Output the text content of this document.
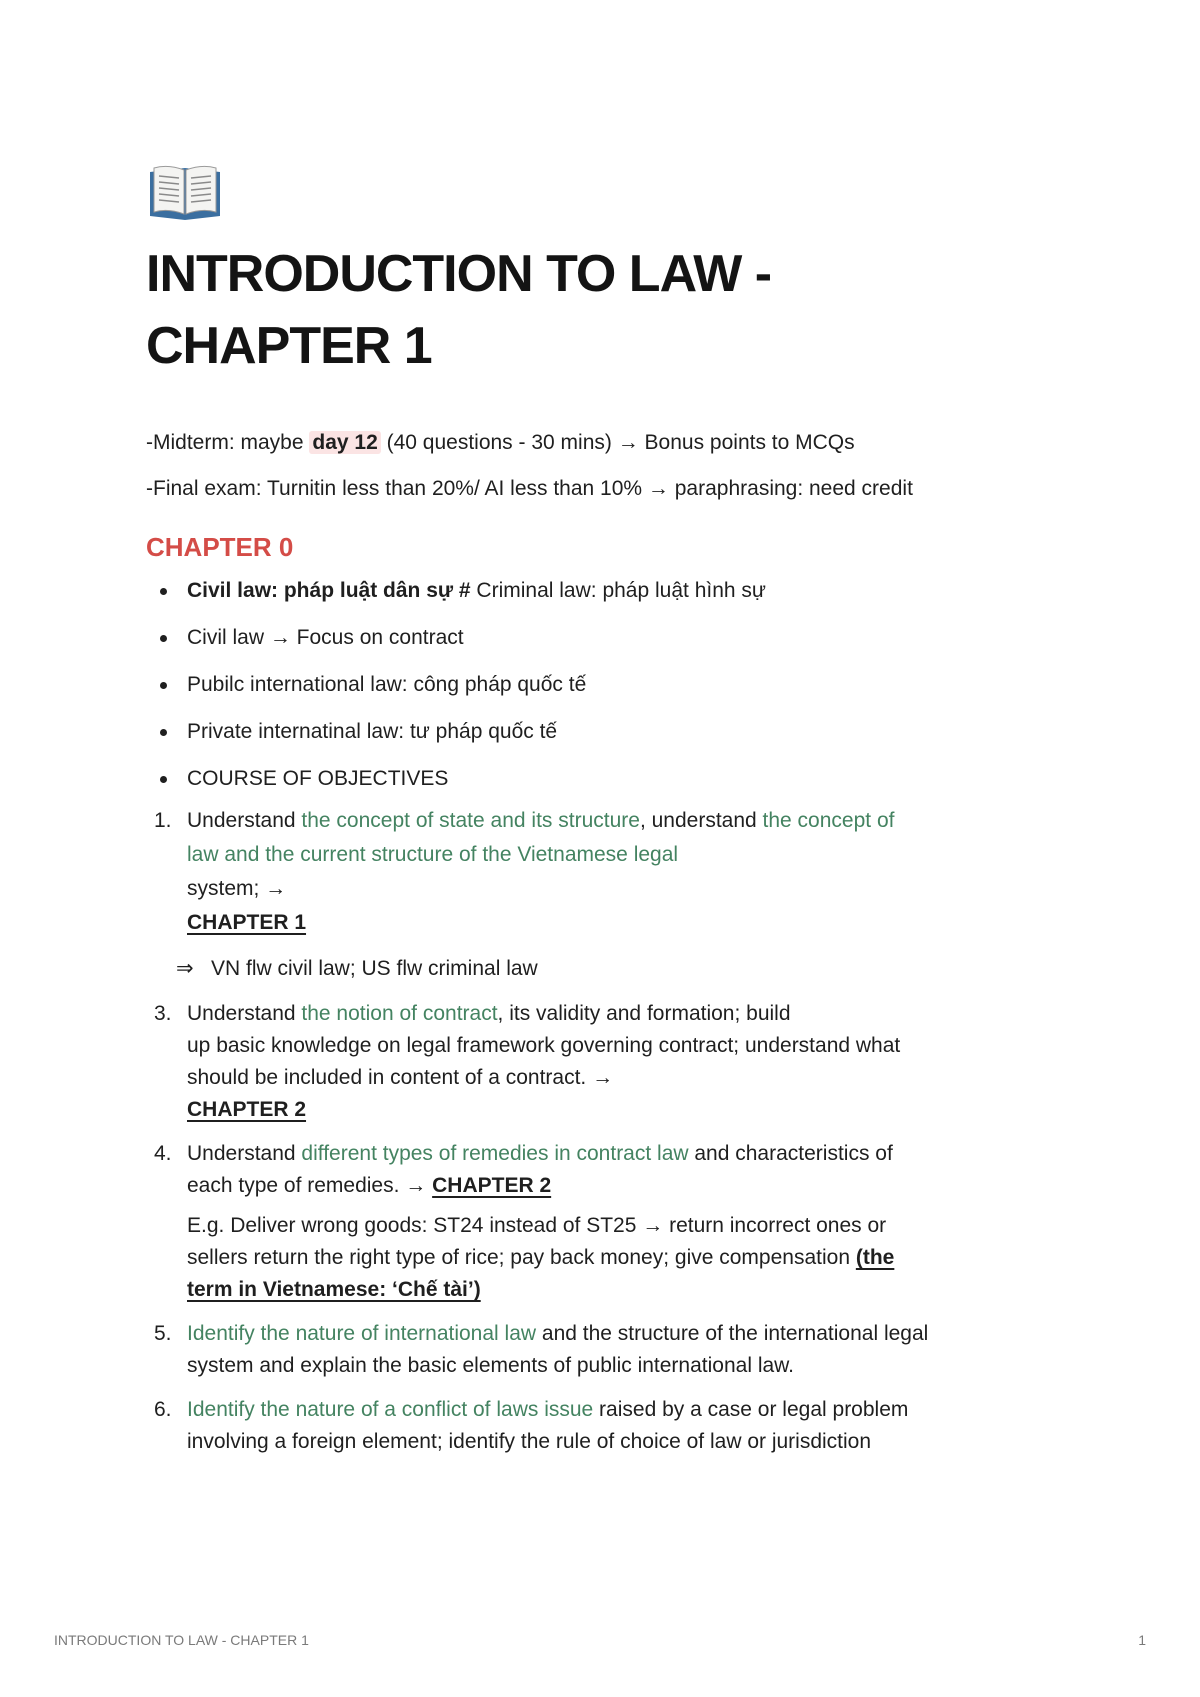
INTRODUCTION TO LAW -
CHAPTER 1

-Midterm: maybe day 12 (40 questions - 30 mins) → Bonus points to MCQs

-Final exam: Turnitin less than 20%/ AI less than 10% → paraphrasing: need credit

CHAPTER 0
Civil law: pháp luật dân sự # Criminal law: pháp luật hình sự
Civil law → Focus on contract
Pubilc international law: công pháp quốc tế
Private internatinal law: tư pháp quốc tế
COURSE OF OBJECTIVES
1. Understand the concept of state and its structure, understand the concept of
law and the current structure of the Vietnamese legal
system; →
CHAPTER 1
⇒ VN flw civil law; US flw criminal law
3. Understand the notion of contract, its validity and formation; build
up basic knowledge on legal framework governing contract; understand what
should be included in content of a contract. →
CHAPTER 2
4. Understand different types of remedies in contract law and characteristics of
each type of remedies. → CHAPTER 2
E.g. Deliver wrong goods: ST24 instead of ST25 → return incorrect ones or
sellers return the right type of rice; pay back money; give compensation (the
term in Vietnamese: ‘Chế tài’)
5. Identify the nature of international law and the structure of the international legal
system and explain the basic elements of public international law.
6. Identify the nature of a conflict of laws issue raised by a case or legal problem
involving a foreign element; identify the rule of choice of law or jurisdiction
INTRODUCTION TO LAW - CHAPTER 1	1
